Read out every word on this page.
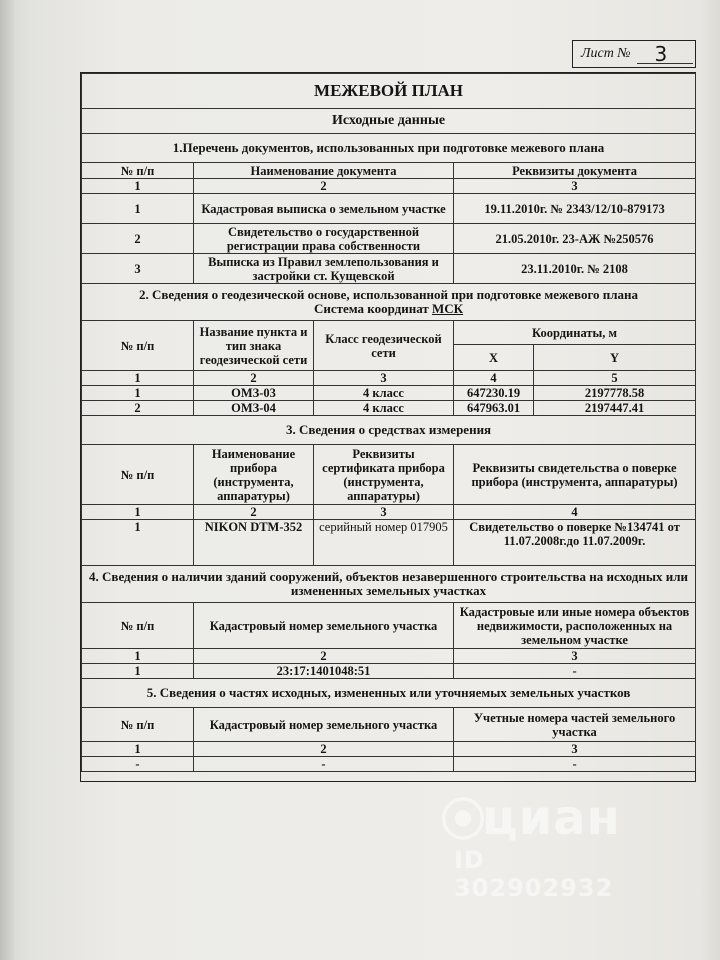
Лист №	3
МЕЖЕВОЙ ПЛАН				
Исходные данные				
1.Перечень документов, использованных при подготовке межевого плана				
№ п/п	Наименование документа		Реквизиты документа	
1	2		3	
1	Кадастровая выписка о земельном участке		19.11.2010г. № 2343/12/10-879173	
2	Свидетельство о государственной регистрации права собственности		21.05.2010г. 23-АЖ №250576	
3	Выписка из Правил землепользования и застройки ст. Кущевской		23.11.2010г. № 2108	

2. Сведения о геодезической основе, использованной при подготовке межевого плана
Система координат МСК				

№ п/п	Название пункта и тип знака геодезической сети	Класс геодезической сети	Координаты, м	
			X	Y
1	2	3	4	5
1	ОМЗ-03	4 класс	647230.19	2197778.58
2	ОМЗ-04	4 класс	647963.01	2197447.41
3. Сведения о средствах измерения				
№ п/п	Наименование прибора (инструмента, аппаратуры)	Реквизиты сертификата прибора (инструмента, аппаратуры)	Реквизиты свидетельства о поверке прибора (инструмента, аппаратуры)	
1	2	3	4	
1	NIKON DTM-352	серийный номер 017905	Свидетельство о поверке №134741 от 11.07.2008г.до 11.07.2009г.	
4. Сведения о наличии зданий сооружений, объектов незавершенного строительства на исходных или измененных земельных участках				
№ п/п	Кадастровый номер земельного участка		Кадастровые или иные номера объектов недвижимости, расположенных на земельном участке	
1	2		3	
1	23:17:1401048:51		-	
5. Сведения о частях исходных, измененных или уточняемых земельных участков				
№ п/п	Кадастровый номер земельного участка		Учетные номера частей земельного участка	
1	2		3	
-	-		-	

⦿
циан
ID 302902932
